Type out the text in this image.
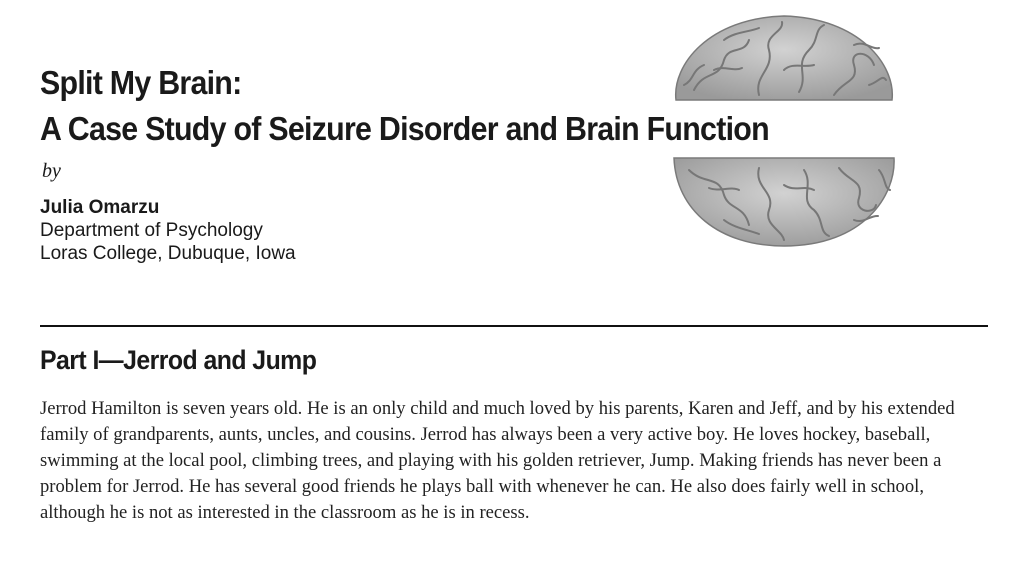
Split My Brain:
A Case Study of Seizure Disorder and Brain Function
by
Julia Omarzu
Department of Psychology
Loras College, Dubuque, Iowa
Part I—Jerrod and Jump

Jerrod Hamilton is seven years old. He is an only child and much loved by his parents, Karen and Jeff, and by his extended family of grandparents, aunts, uncles, and cousins. Jerrod has always been a very active boy. He loves hockey, baseball, swimming at the local pool, climbing trees, and playing with his golden retriever, Jump. Making friends has never been a problem for Jerrod. He has several good friends he plays ball with whenever he can. He also does fairly well in school, although he is not as interested in the classroom as he is in recess.
